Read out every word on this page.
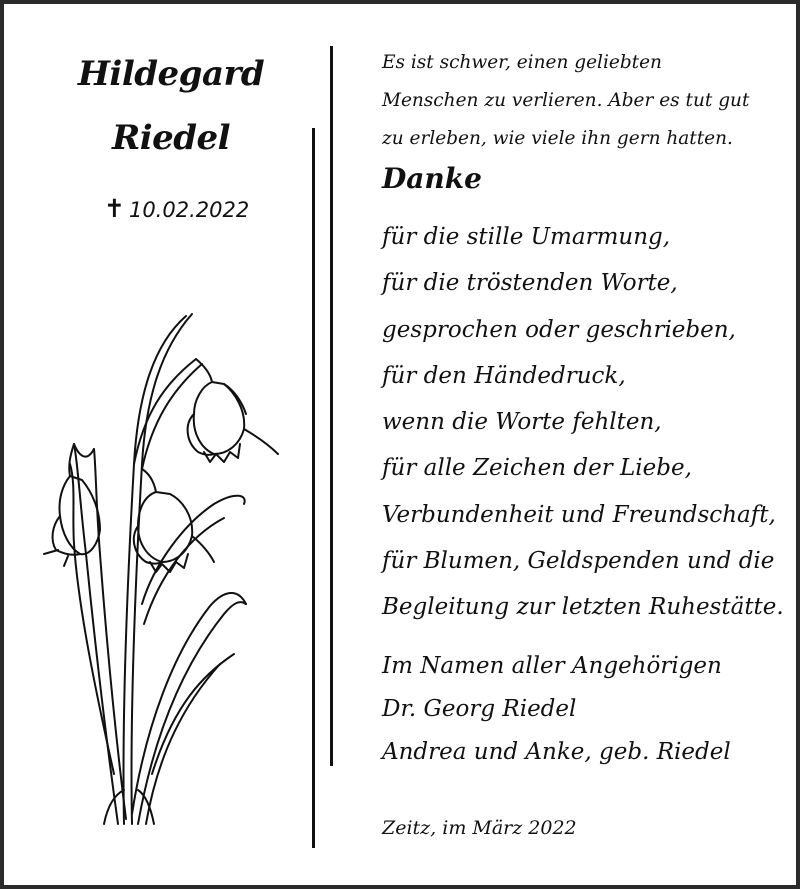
Hildegard
Riedel
✝ 10.02.2022
Es ist schwer, einen geliebten
Menschen zu verlieren. Aber es tut gut
zu erleben, wie viele ihn gern hatten.
Danke
für die stille Umarmung,
für die tröstenden Worte,
gesprochen oder geschrieben,
für den Händedruck,
wenn die Worte fehlten,
für alle Zeichen der Liebe,
Verbundenheit und Freundschaft,
für Blumen, Geldspenden und die
Begleitung zur letzten Ruhestätte.
Im Namen aller Angehörigen
Dr. Georg Riedel
Andrea und Anke, geb. Riedel
Zeitz, im März 2022
